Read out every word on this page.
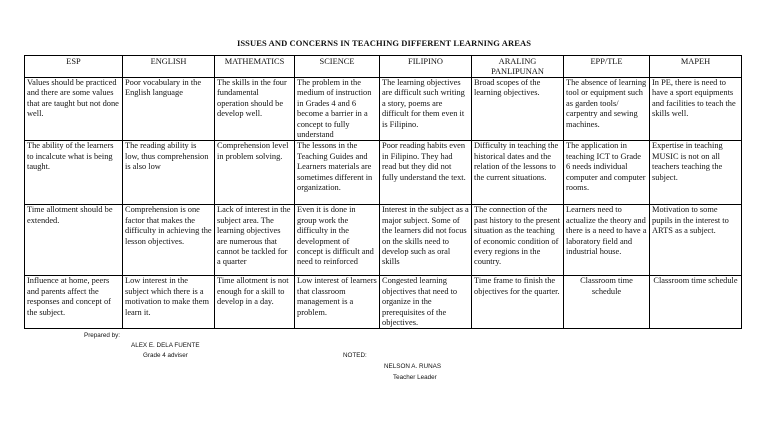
ISSUES AND CONCERNS IN TEACHING DIFFERENT LEARNING AREAS
ESP	ENGLISH	MATHEMATICS	SCIENCE	FILIPINO	ARALING PANLIPUNAN	EPP/TLE	MAPEH
Values should be practiced and there are some values that are taught but not done well.	Poor vocabulary in the English language	The skills in the four fundamental operation should be develop well.	The problem in the medium of instruction in Grades 4 and 6 become a barrier in a concept to fully understand	The learning objectives are difficult such writing a story, poems are difficult for them even it is Filipino.	Broad scopes of the learning objectives.	The absence of learning tool or equipment such as garden tools/ carpentry and sewing machines.	In PE, there is need to have a sport equipments and facilities to teach the skills well.
The ability of the learners to incalcute what is being taught.	The reading ability is low, thus comprehension is also low	Comprehension level in problem solving.	The lessons in the Teaching Guides and Learners materials are sometimes different in organization.	Poor reading habits even in Filipino. They had read but they did not fully understand the text.	Difficulty in teaching the historical dates and the relation of the lessons to the current situations.	The application in teaching ICT to Grade 6 needs individual computer and computer rooms.	Expertise in teaching MUSIC is not on all teachers teaching the subject.
Time allotment should be extended.	Comprehension is one factor that makes the difficulty in achieving the lesson objectives.	Lack of interest in the subject area. The learning objectives are numerous that cannot be tackled for a quarter	Even it is done in group work the difficulty in the development of concept is difficult and need to reinforced	Interest in the subject as a major subject. Some of the learners did not focus on the skills need to develop such as oral skills	The connection of the past history to the present situation as the teaching of economic condition of every regions in the country.	Learners need to actualize the theory and there is a need to have a laboratory field and industrial house.	Motivation to some pupils in the interest to ARTS as a subject.
Influence at home, peers and parents affect the responses and concept of the subject.	Low interest in the subject which there is a motivation to make them learn it.	Time allotment is not enough for a skill to develop in a day.	Low interest of learners that classroom management is a problem.	Congested learning objectives that need to organize in the prerequisites of the objectives.	Time frame to finish the objectives for the quarter.	Classroom time schedule	Classroom time schedule
Prepared by:
ALEX E. DELA FUENTE
Grade 4 adviser	NOTED:
NELSON A. RUNAS
Teacher Leader
